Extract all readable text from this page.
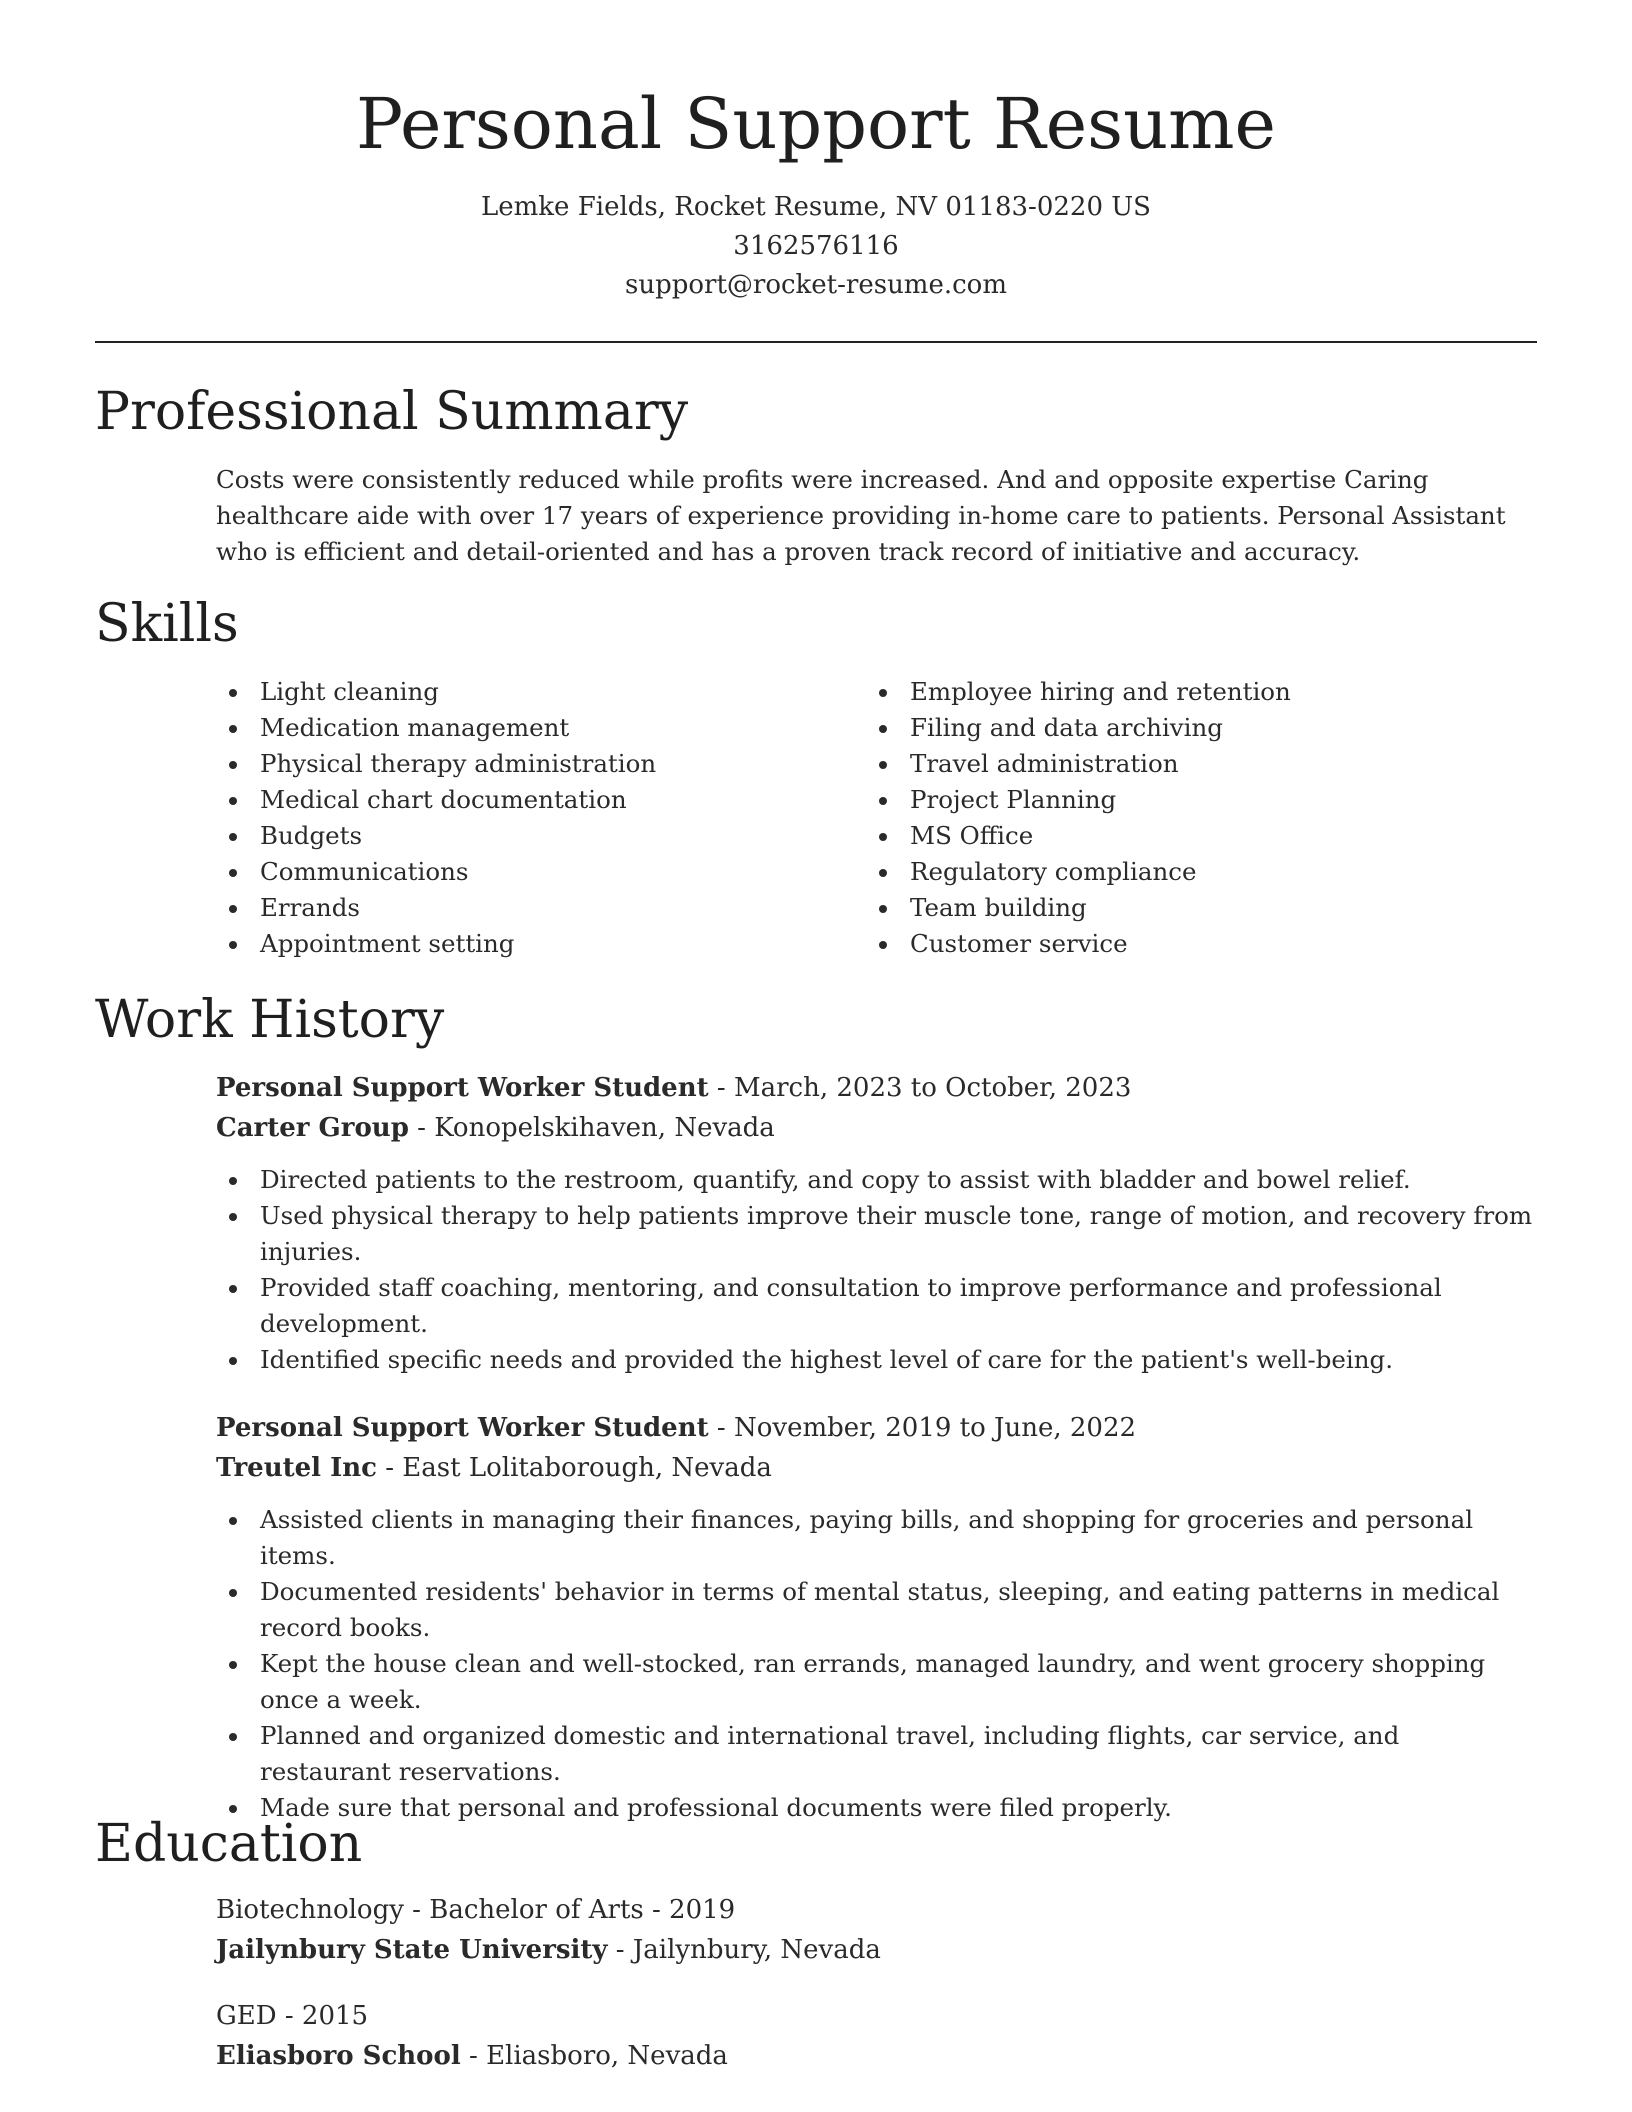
Personal Support Resume
Lemke Fields, Rocket Resume, NV 01183-0220 US
3162576116
support@rocket-resume.com
Professional Summary

Costs were consistently reduced while profits were increased. And and opposite expertise Caring healthcare aide with over 17 years of experience providing in-home care to patients. Personal Assistant who is efficient and detail-oriented and has a proven track record of initiative and accuracy.

Skills
Light cleaning
Medication management
Physical therapy administration
Medical chart documentation
Budgets
Communications
Errands
Appointment setting
Employee hiring and retention
Filing and data archiving
Travel administration
Project Planning
MS Office
Regulatory compliance
Team building
Customer service
Work History
Personal Support Worker Student - March, 2023 to October, 2023
Carter Group - Konopelskihaven, Nevada
Directed patients to the restroom, quantify, and copy to assist with bladder and bowel relief.
Used physical therapy to help patients improve their muscle tone, range of motion, and recovery from injuries.
Provided staff coaching, mentoring, and consultation to improve performance and professional development.
Identified specific needs and provided the highest level of care for the patient's well-being.
Personal Support Worker Student - November, 2019 to June, 2022
Treutel Inc - East Lolitaborough, Nevada
Assisted clients in managing their finances, paying bills, and shopping for groceries and personal items.
Documented residents' behavior in terms of mental status, sleeping, and eating patterns in medical record books.
Kept the house clean and well-stocked, ran errands, managed laundry, and went grocery shopping once a week.
Planned and organized domestic and international travel, including flights, car service, and restaurant reservations.
Made sure that personal and professional documents were filed properly.
Education
Biotechnology - Bachelor of Arts - 2019
Jailynbury State University - Jailynbury, Nevada
GED - 2015
Eliasboro School - Eliasboro, Nevada
